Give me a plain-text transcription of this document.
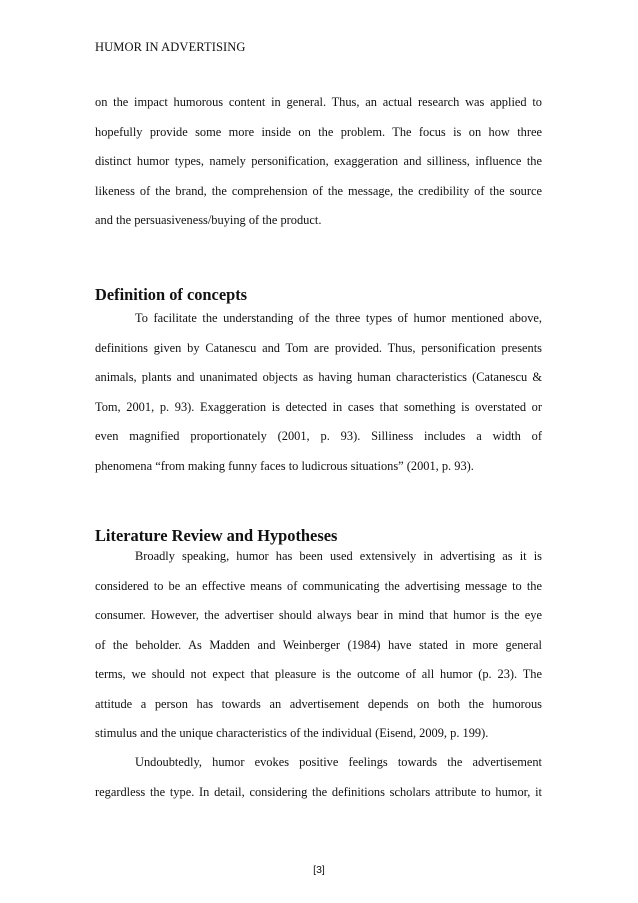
HUMOR IN ADVERTISING
on the impact humorous content in general. Thus, an actual research was applied to
hopefully provide some more inside on the problem. The focus is on how three
distinct humor types, namely personification, exaggeration and silliness, influence the
likeness of the brand, the comprehension of the message, the credibility of the source
and the persuasiveness/buying of the product.
Definition of concepts
To facilitate the understanding of the three types of humor mentioned above,
definitions given by Catanescu and Tom are provided. Thus, personification presents
animals, plants and unanimated objects as having human characteristics (Catanescu &
Tom, 2001, p. 93). Exaggeration is detected in cases that something is overstated or
even magnified proportionately (2001, p. 93). Silliness includes a width of
phenomena “from making funny faces to ludicrous situations” (2001, p. 93).
Literature Review and Hypotheses
Broadly speaking, humor has been used extensively in advertising as it is
considered to be an effective means of communicating the advertising message to the
consumer. However, the advertiser should always bear in mind that humor is the eye
of the beholder. As Madden and Weinberger (1984) have stated in more general
terms, we should not expect that pleasure is the outcome of all humor (p. 23). The
attitude a person has towards an advertisement depends on both the humorous
stimulus and the unique characteristics of the individual (Eisend, 2009, p. 199).
Undoubtedly, humor evokes positive feelings towards the advertisement
regardless the type. In detail, considering the definitions scholars attribute to humor, it
[3]
